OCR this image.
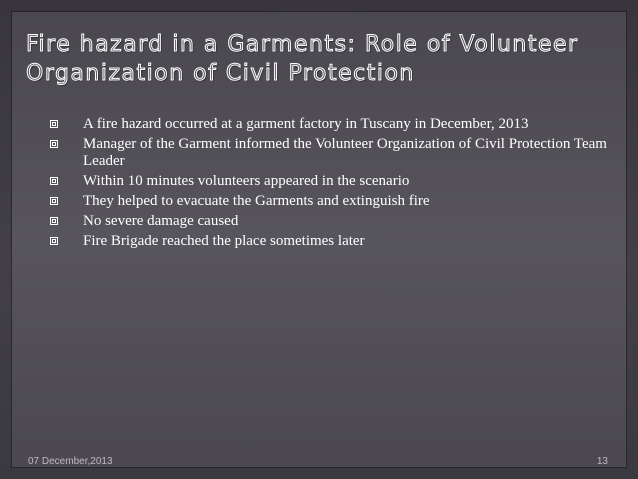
Fire hazard in a Garments: Role of Volunteer
Organization of Civil Protection
A fire hazard occurred at a garment factory in Tuscany in December, 2013
Manager of the Garment informed the Volunteer Organization of Civil Protection Team Leader
Within 10 minutes volunteers appeared in the scenario
They helped to evacuate the Garments and extinguish fire
No severe damage caused
Fire Brigade reached the place sometimes later
07 December,2013	13
